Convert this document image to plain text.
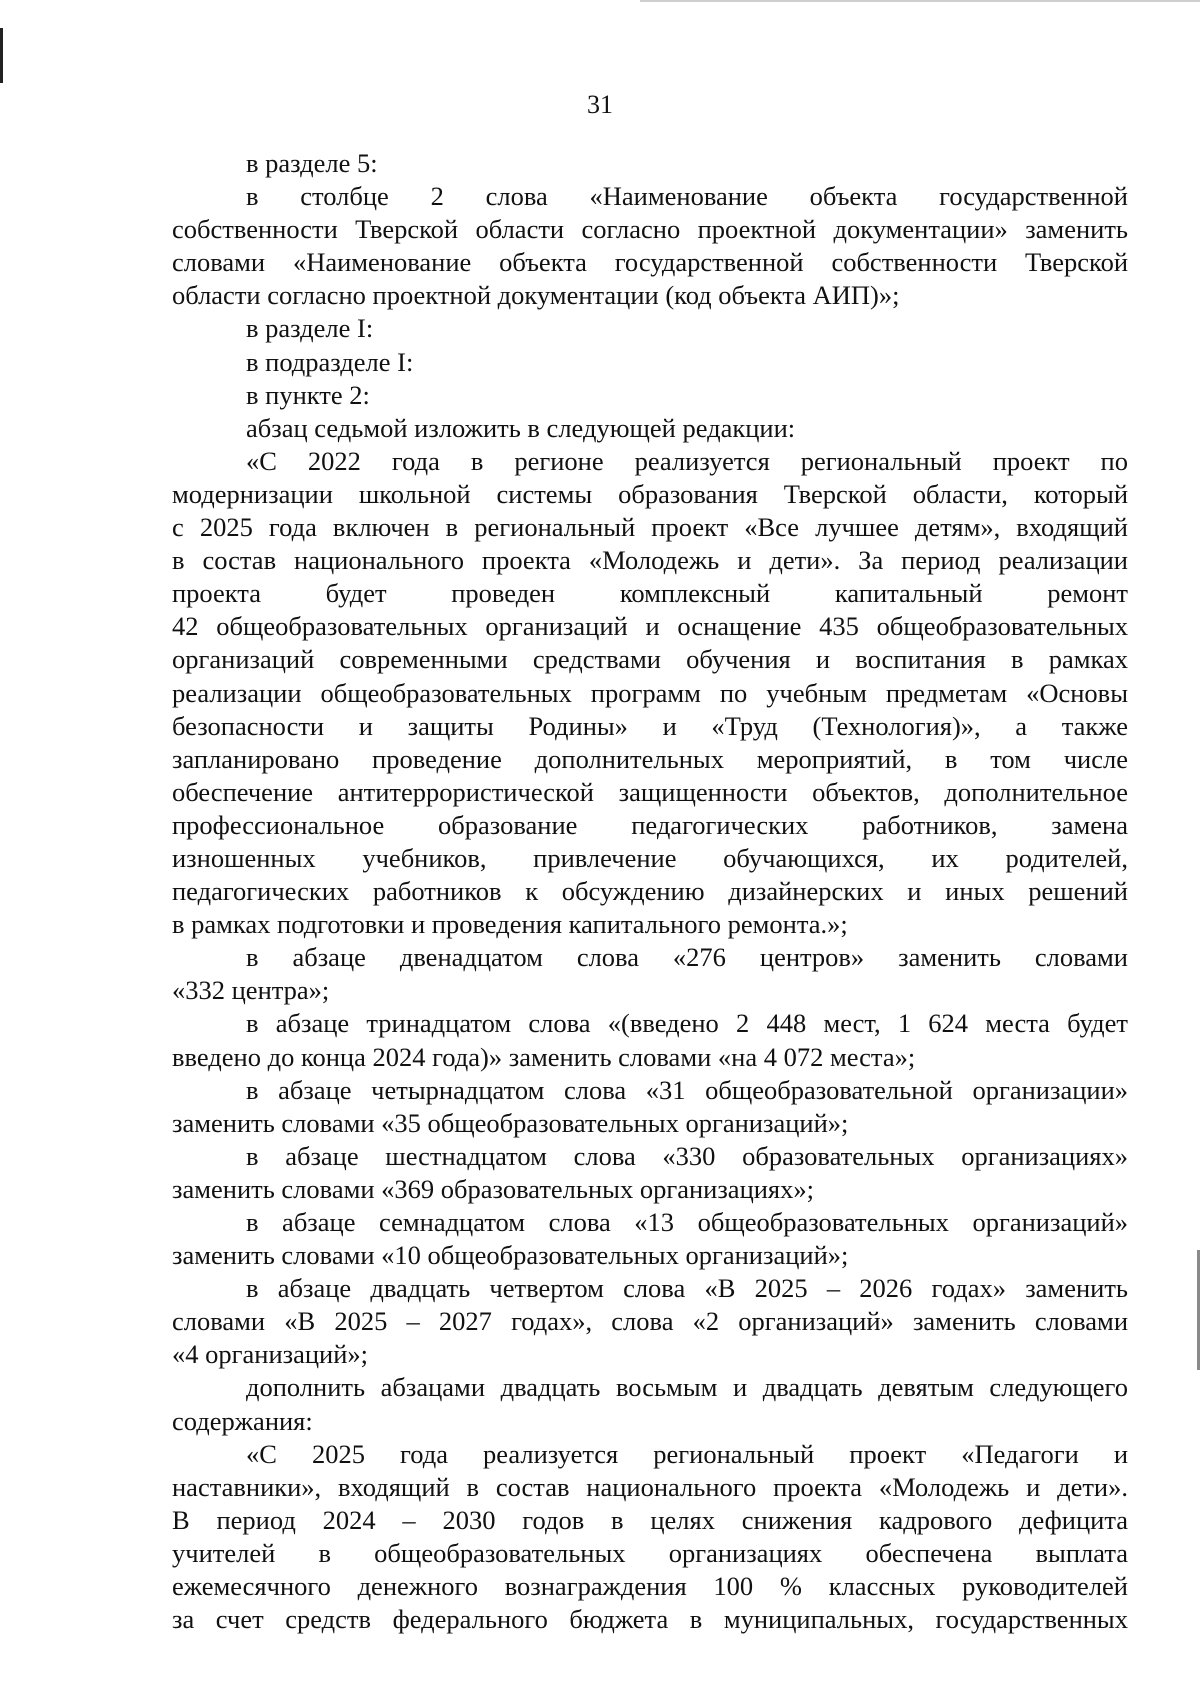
31
в разделе 5:
в столбце 2 слова «Наименование объекта государственной
собственности Тверской области согласно проектной документации» заменить
словами «Наименование объекта государственной собственности Тверской
области согласно проектной документации (код объекта АИП)»;
в разделе I:
в подразделе I:
в пункте 2:
абзац седьмой изложить в следующей редакции:
«С 2022 года в регионе реализуется региональный проект по
модернизации школьной системы образования Тверской области, который
с 2025 года включен в региональный проект «Все лучшее детям», входящий
в состав национального проекта «Молодежь и дети». За период реализации
проекта будет проведен комплексный капитальный ремонт
42 общеобразовательных организаций и оснащение 435 общеобразовательных
организаций современными средствами обучения и воспитания в рамках
реализации общеобразовательных программ по учебным предметам «Основы
безопасности и защиты Родины» и «Труд (Технология)», а также
запланировано проведение дополнительных мероприятий, в том числе
обеспечение антитеррористической защищенности объектов, дополнительное
профессиональное образование педагогических работников, замена
изношенных учебников, привлечение обучающихся, их родителей,
педагогических работников к обсуждению дизайнерских и иных решений
в рамках подготовки и проведения капитального ремонта.»;
в абзаце двенадцатом слова «276 центров» заменить словами
«332 центра»;
в абзаце тринадцатом слова «(введено 2 448 мест, 1 624 места будет
введено до конца 2024 года)» заменить словами «на 4 072 места»;
в абзаце четырнадцатом слова «31 общеобразовательной организации»
заменить словами «35 общеобразовательных организаций»;
в абзаце шестнадцатом слова «330 образовательных организациях»
заменить словами «369 образовательных организациях»;
в абзаце семнадцатом слова «13 общеобразовательных организаций»
заменить словами «10 общеобразовательных организаций»;
в абзаце двадцать четвертом слова «В 2025 – 2026 годах» заменить
словами «В 2025 – 2027 годах», слова «2 организаций» заменить словами
«4 организаций»;
дополнить абзацами двадцать восьмым и двадцать девятым следующего
содержания:
«С 2025 года реализуется региональный проект «Педагоги и
наставники», входящий в состав национального проекта «Молодежь и дети».
В период 2024 – 2030 годов в целях снижения кадрового дефицита
учителей в общеобразовательных организациях обеспечена выплата
ежемесячного денежного вознаграждения 100 % классных руководителей
за счет средств федерального бюджета в муниципальных, государственных
